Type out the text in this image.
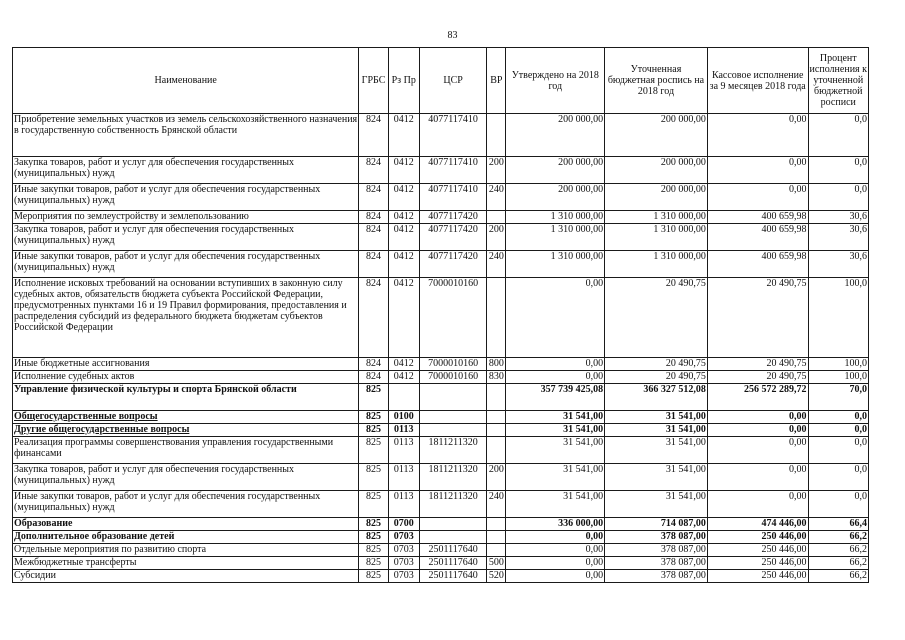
83
Наименование	ГРБС	Рз Пр	ЦСР	ВР	Утверждено на 2018 год	Уточненная бюджетная роспись на 2018 год	Кассовое исполнение за 9 месяцев 2018 года	Процент исполнения к уточненной бюджетной росписи
Приобретение земельных участков из земель сельскохозяйственного назначения в государственную собственность Брянской области	824	0412	4077117410		200 000,00	200 000,00	0,00	0,0
Закупка товаров, работ и услуг для обеспечения государственных (муниципальных) нужд	824	0412	4077117410	200	200 000,00	200 000,00	0,00	0,0
Иные закупки товаров, работ и услуг для обеспечения государственных (муниципальных) нужд	824	0412	4077117410	240	200 000,00	200 000,00	0,00	0,0
Мероприятия по землеустройству и землепользованию	824	0412	4077117420		1 310 000,00	1 310 000,00	400 659,98	30,6
Закупка товаров, работ и услуг для обеспечения государственных (муниципальных) нужд	824	0412	4077117420	200	1 310 000,00	1 310 000,00	400 659,98	30,6
Иные закупки товаров, работ и услуг для обеспечения государственных (муниципальных) нужд	824	0412	4077117420	240	1 310 000,00	1 310 000,00	400 659,98	30,6
Исполнение исковых требований на основании вступивших в законную силу судебных актов, обязательств бюджета субъекта Российской Федерации, предусмотренных пунктами 16 и 19 Правил формирования, предоставления и распределения субсидий из федерального бюджета бюджетам субъектов Российской Федерации	824	0412	7000010160		0,00	20 490,75	20 490,75	100,0
Иные бюджетные ассигнования	824	0412	7000010160	800	0,00	20 490,75	20 490,75	100,0
Исполнение судебных актов	824	0412	7000010160	830	0,00	20 490,75	20 490,75	100,0
Управление физической культуры и спорта Брянской области	825				357 739 425,08	366 327 512,08	256 572 289,72	70,0
Общегосударственные вопросы	825	0100			31 541,00	31 541,00	0,00	0,0
Другие общегосударственные вопросы	825	0113			31 541,00	31 541,00	0,00	0,0
Реализация программы совершенствования управления государственными финансами	825	0113	1811211320		31 541,00	31 541,00	0,00	0,0
Закупка товаров, работ и услуг для обеспечения государственных (муниципальных) нужд	825	0113	1811211320	200	31 541,00	31 541,00	0,00	0,0
Иные закупки товаров, работ и услуг для обеспечения государственных (муниципальных) нужд	825	0113	1811211320	240	31 541,00	31 541,00	0,00	0,0
Образование	825	0700			336 000,00	714 087,00	474 446,00	66,4
Дополнительное образование детей	825	0703			0,00	378 087,00	250 446,00	66,2
Отдельные мероприятия по развитию спорта	825	0703	2501117640		0,00	378 087,00	250 446,00	66,2
Межбюджетные трансферты	825	0703	2501117640	500	0,00	378 087,00	250 446,00	66,2
Субсидии	825	0703	2501117640	520	0,00	378 087,00	250 446,00	66,2
